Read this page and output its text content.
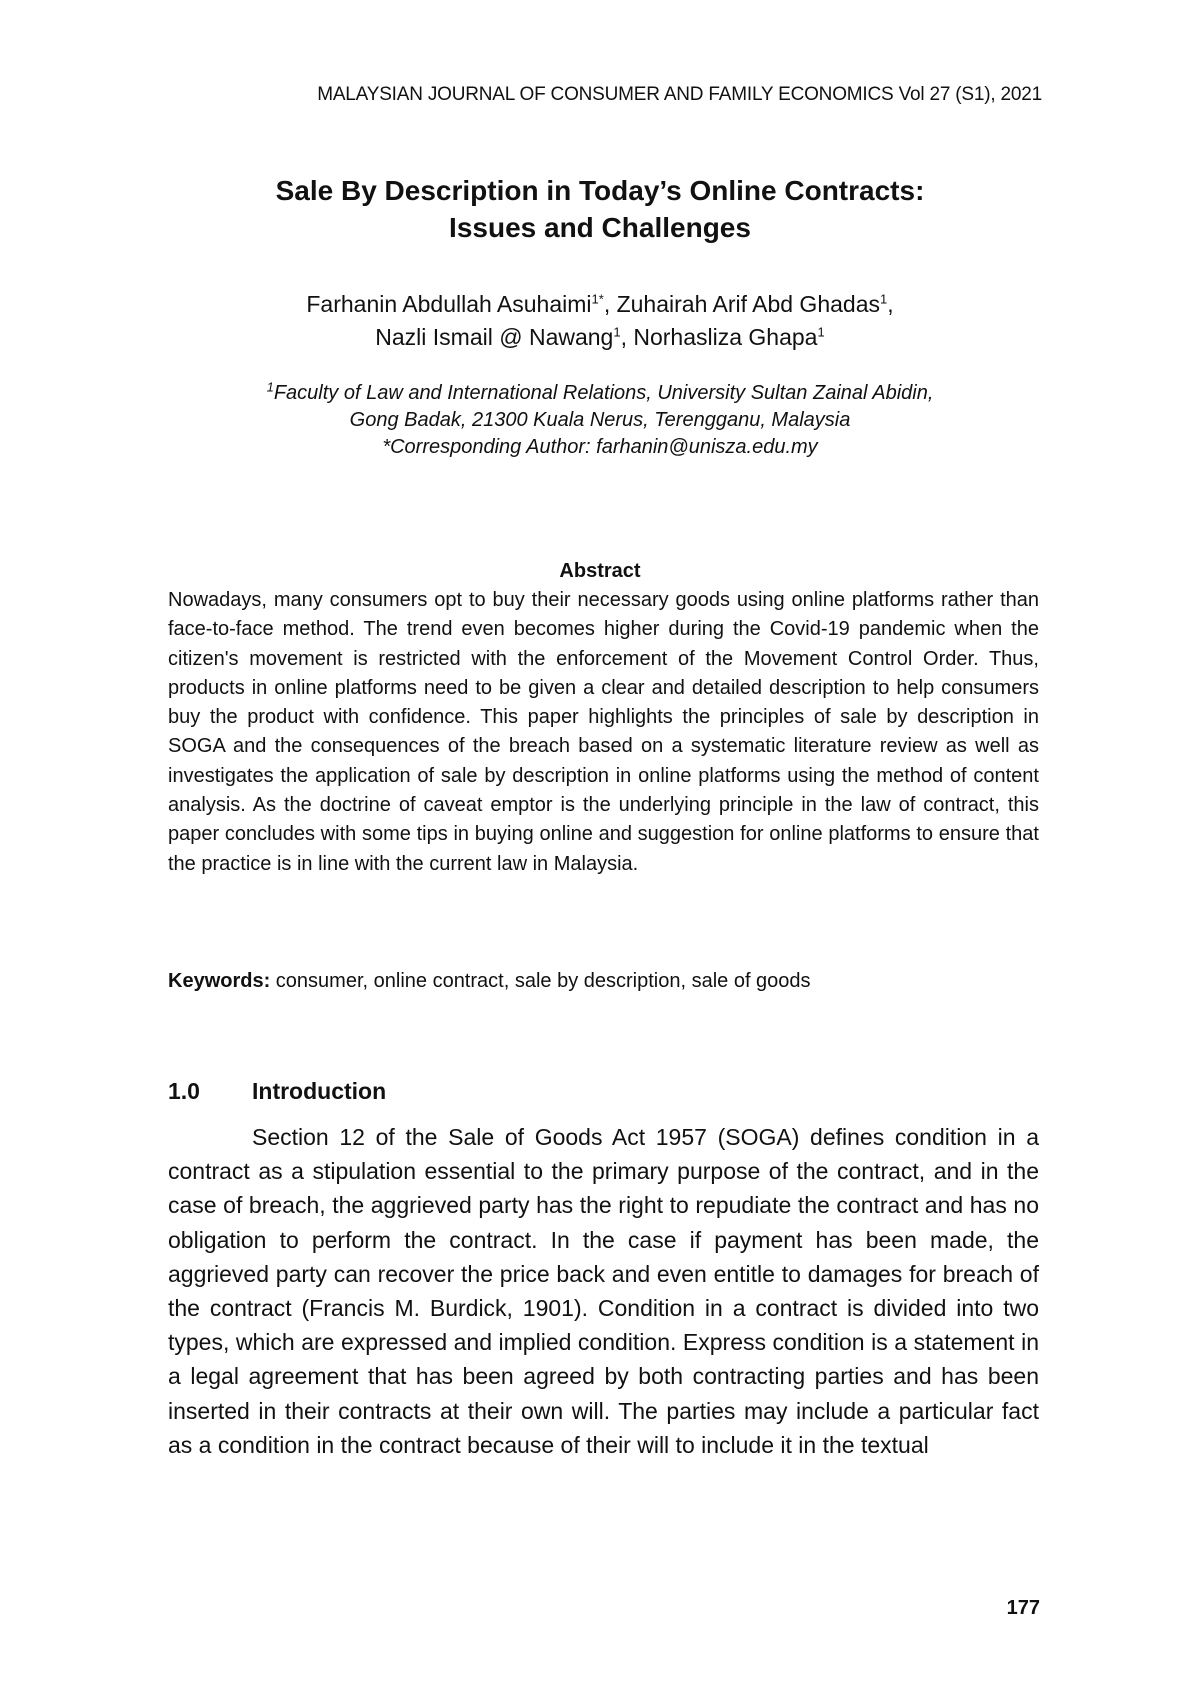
MALAYSIAN JOURNAL OF CONSUMER AND FAMILY ECONOMICS Vol 27 (S1), 2021
Sale By Description in Today’s Online Contracts:
Issues and Challenges
Farhanin Abdullah Asuhaimi$^{1*}$, Zuhairah Arif Abd Ghadas$^1$,
Nazli Ismail @ Nawang$^1$, Norhasliza Ghapa$^1$
$^1$Faculty of Law and International Relations, University Sultan Zainal Abidin,
Gong Badak, 21300 Kuala Nerus, Terengganu, Malaysia
*Corresponding Author: farhanin@unisza.edu.my
Abstract
Nowadays, many consumers opt to buy their necessary goods using online platforms rather than face-to-face method. The trend even becomes higher during the Covid-19 pandemic when the citizen's movement is restricted with the enforcement of the Movement Control Order. Thus, products in online platforms need to be given a clear and detailed description to help consumers buy the product with confidence. This paper highlights the principles of sale by description in SOGA and the consequences of the breach based on a systematic literature review as well as investigates the application of sale by description in online platforms using the method of content analysis. As the doctrine of caveat emptor is the underlying principle in the law of contract, this paper concludes with some tips in buying online and suggestion for online platforms to ensure that the practice is in line with the current law in Malaysia.
Keywords: consumer, online contract, sale by description, sale of goods
1.0 Introduction
Section 12 of the Sale of Goods Act 1957 (SOGA) defines condition in a contract as a stipulation essential to the primary purpose of the contract, and in the case of breach, the aggrieved party has the right to repudiate the contract and has no obligation to perform the contract. In the case if payment has been made, the aggrieved party can recover the price back and even entitle to damages for breach of the contract (Francis M. Burdick, 1901). Condition in a contract is divided into two types, which are expressed and implied condition. Express condition is a statement in a legal agreement that has been agreed by both contracting parties and has been inserted in their contracts at their own will. The parties may include a particular fact as a condition in the contract because of their will to include it in the textual
177
